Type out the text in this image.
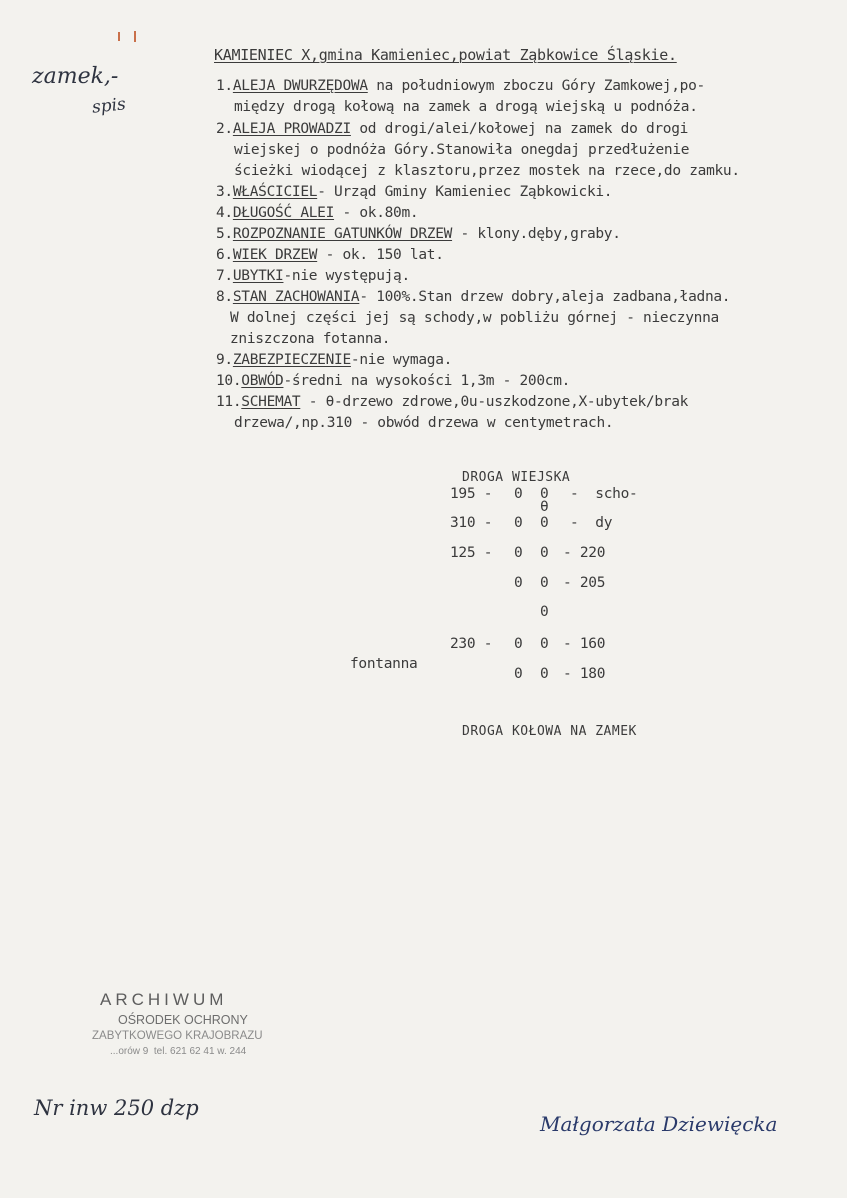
zamek,-
spis
KAMIENIEC X,gmina Kamieniec,powiat Ząbkowice Śląskie.
1.ALEJA DWURZĘDOWA na południowym zboczu Góry Zamkowej,po-
między drogą kołową na zamek a drogą wiejską u podnóża.
2.ALEJA PROWADZI od drogi/alei/kołowej na zamek do drogi
wiejskej o podnóża Góry.Stanowiła onegdaj przedłużenie
ścieżki wiodącej z klasztoru,przez mostek na rzece,do zamku.
3.WŁAŚCICIEL- Urząd Gminy Kamieniec Ząbkowicki.
4.DŁUGOŚĆ ALEI - ok.80m.
5.ROZPOZNANIE GATUNKÓW DRZEW - klony.dęby,graby.
6.WIEK DRZEW - ok. 150 lat.
7.UBYTKI-nie występują.
8.STAN ZACHOWANIA- 100%.Stan drzew dobry,aleja zadbana,ładna.
W dolnej części jej są schody,w pobliżu górnej - nieczynna
zniszczona fotanna.
9.ZABEZPIECZENIE-nie wymaga.
10.OBWÓD-średni na wysokości 1,3m - 200cm.
11.SCHEMAT - θ-drzewo zdrowe,0u-uszkodzone,X-ubytek/brak
drzewa/,np.310 - obwód drzewa w centymetrach.
DROGA WIEJSKA
195 - 0 0
θ
-  scho-
310 - 0 0 -  dy
125 - 0 0 - 220
0 0 - 205
0
230 - 0 0 - 160
fontanna
0 0 - 180
DROGA KOŁOWA NA ZAMEK

ARCHIWUM

OŚRODEK OCHRONY

ZABYTKOWEGO KRAJOBRAZU

...orów 9  tel. 621 62 41 w. 244

Nr inw 250 dzp
Małgorzata Dziewięcka
